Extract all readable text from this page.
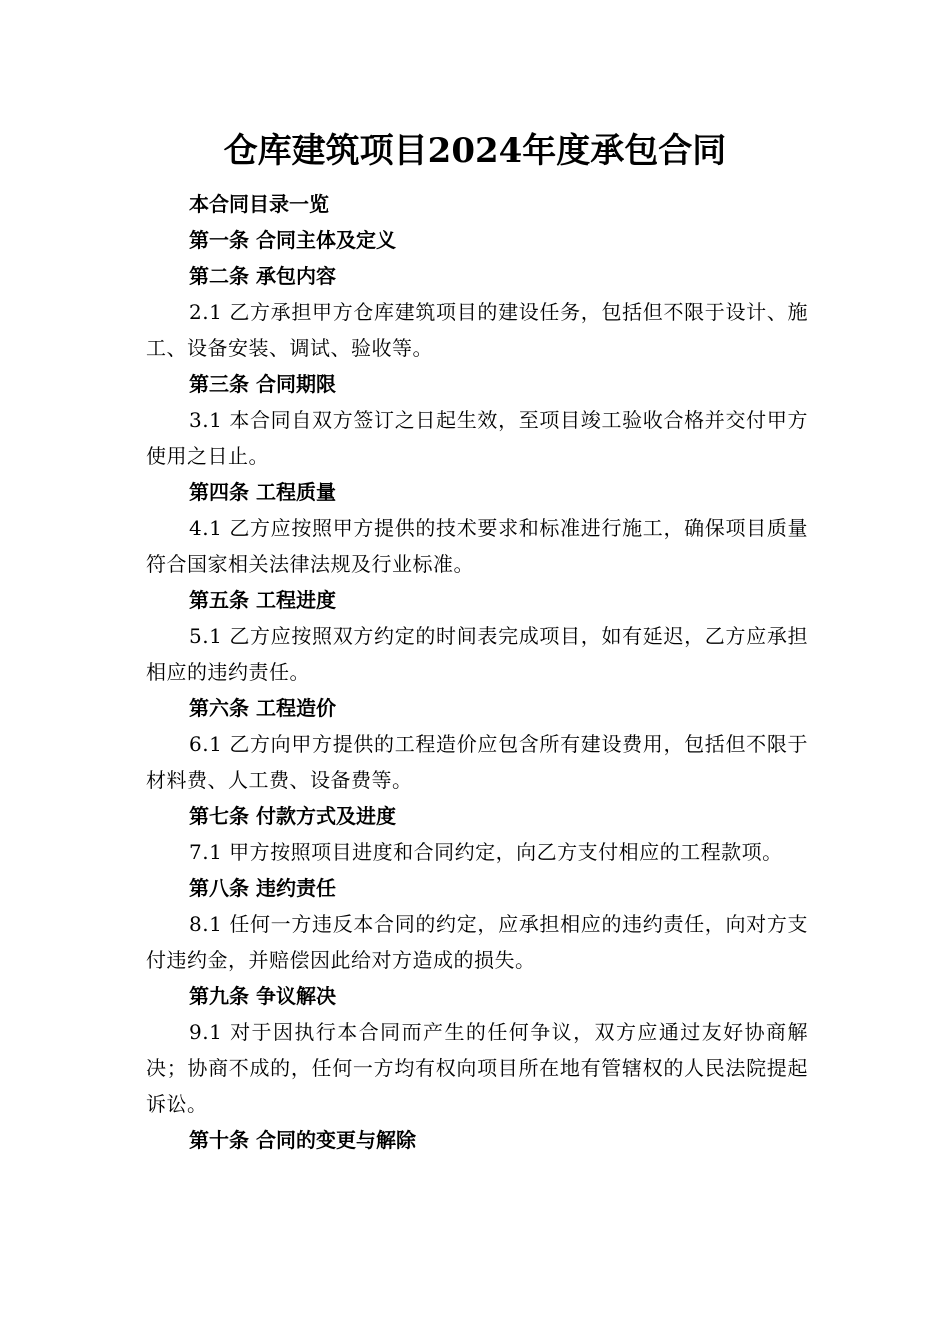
仓库建筑项目2024年度承包合同
本合同目录一览
第一条 合同主体及定义
第二条 承包内容
2.1 乙方承担甲方仓库建筑项目的建设任务，包括但不限于设计、施工、设备安装、调试、验收等。
第三条 合同期限
3.1 本合同自双方签订之日起生效，至项目竣工验收合格并交付甲方使用之日止。
第四条 工程质量
4.1 乙方应按照甲方提供的技术要求和标准进行施工，确保项目质量符合国家相关法律法规及行业标准。
第五条 工程进度
5.1 乙方应按照双方约定的时间表完成项目，如有延迟，乙方应承担相应的违约责任。
第六条 工程造价
6.1 乙方向甲方提供的工程造价应包含所有建设费用，包括但不限于材料费、人工费、设备费等。
第七条 付款方式及进度
7.1 甲方按照项目进度和合同约定，向乙方支付相应的工程款项。
第八条 违约责任
8.1 任何一方违反本合同的约定，应承担相应的违约责任，向对方支付违约金，并赔偿因此给对方造成的损失。
第九条 争议解决
9.1 对于因执行本合同而产生的任何争议，双方应通过友好协商解决；协商不成的，任何一方均有权向项目所在地有管辖权的人民法院提起诉讼。
第十条 合同的变更与解除
